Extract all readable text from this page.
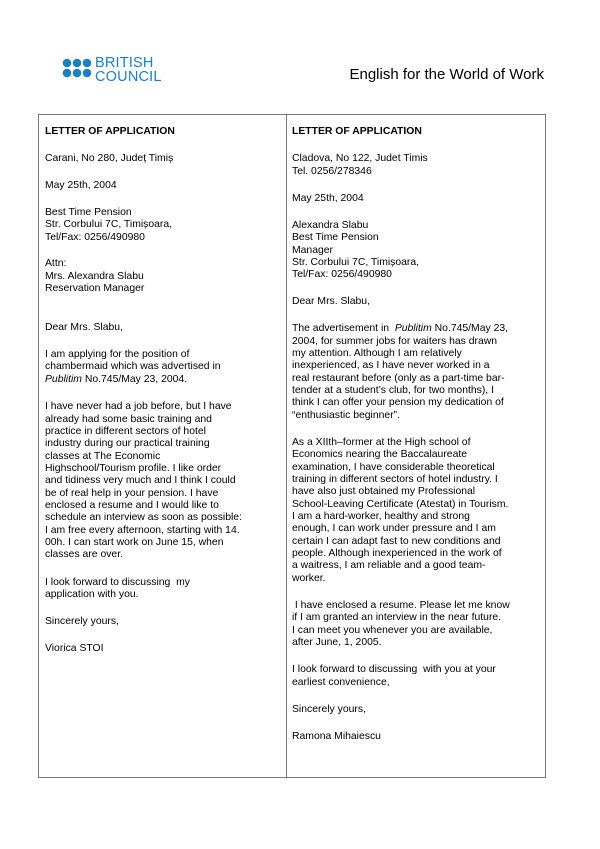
BRITISH
COUNCIL	English for the World of Work
LETTER OF APPLICATION
Carani, No 280, Județ Timiș
May 25th, 2004
Best Time Pension
Str. Corbului 7C, Timișoara,
Tel/Fax: 0256/490980
Attn:
Mrs. Alexandra Slabu
Reservation Manager
Dear Mrs. Slabu,
I am applying for the position of
chambermaid which was advertised in
Publitim No.745/May 23, 2004.
I have never had a job before, but I have
already had some basic training and
practice in different sectors of hotel
industry during our practical training
classes at The Economic
Highschool/Tourism profile. I like order
and tidiness very much and I think I could
be of real help in your pension. I have
enclosed a resume and I would like to
schedule an interview as soon as possible:
I am free every afternoon, starting with 14.
00h. I can start work on June 15, when
classes are over.
I look forward to discussing  my
application with you.
Sincerely yours,
Viorica STOI
LETTER OF APPLICATION
Cladova, No 122, Judet Timis
Tel. 0256/278346
May 25th, 2004
Alexandra Slabu
Best Time Pension
Manager
Str. Corbului 7C, Timișoara,
Tel/Fax: 0256/490980
Dear Mrs. Slabu,
The advertisement in  Publitim No.745/May 23,
2004, for summer jobs for waiters has drawn
my attention. Although I am relatively
inexperienced, as I have never worked in a
real restaurant before (only as a part-time bar-
tender at a student’s club, for two months), I
think I can offer your pension my dedication of
“enthusiastic beginner”.
As a XIIth–former at the High school of
Economics nearing the Baccalaureate
examination, I have considerable theoretical
training in different sectors of hotel industry. I
have also just obtained my Professional
School-Leaving Certificate (Atestat) in Tourism.
I am a hard-worker, healthy and strong
enough, I can work under pressure and I am
certain I can adapt fast to new conditions and
people. Although inexperienced in the work of
a waitress, I am reliable and a good team-
worker.
I have enclosed a resume. Please let me know
if I am granted an interview in the near future.
I can meet you whenever you are available,
after June, 1, 2005.
I look forward to discussing  with you at your
earliest convenience,
Sincerely yours,
Ramona Mihaiescu
